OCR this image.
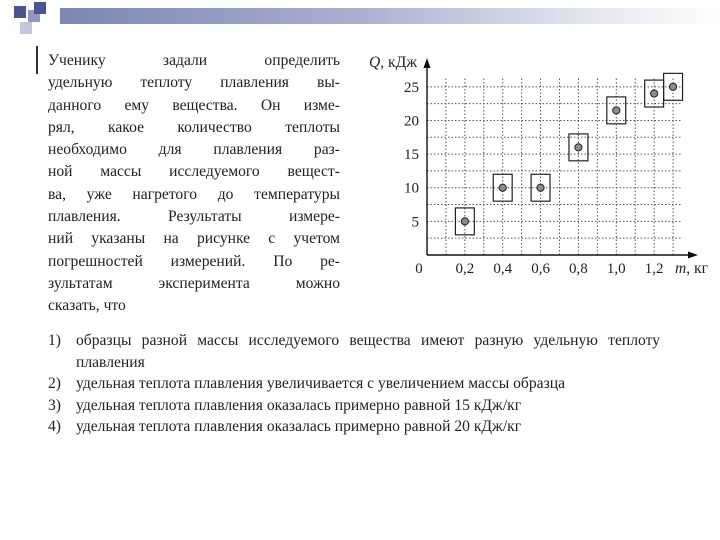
Ученику задали определить
удельную теплоту плавления вы-
данного ему вещества. Он изме-
рял, какое количество теплоты
необходимо для плавления раз-
ной массы исследуемого вещест-
ва, уже нагретого до температуры
плавления. Результаты измере-
ний указаны на рисунке с учетом
погрешностей измерений. По ре-
зультатам эксперимента можно
сказать, что
Q, кДж
m, кг
0 0,2 0,4 0,6 0,8 1,0 1,2
5
10
15
20
25
1) образцы разной массы исследуемого вещества имеют разную удельную теплоту плавления
2) удельная теплота плавления увеличивается с увеличением массы образца
3) удельная теплота плавления оказалась примерно равной 15 кДж/кг
4) удельная теплота плавления оказалась примерно равной 20 кДж/кг
